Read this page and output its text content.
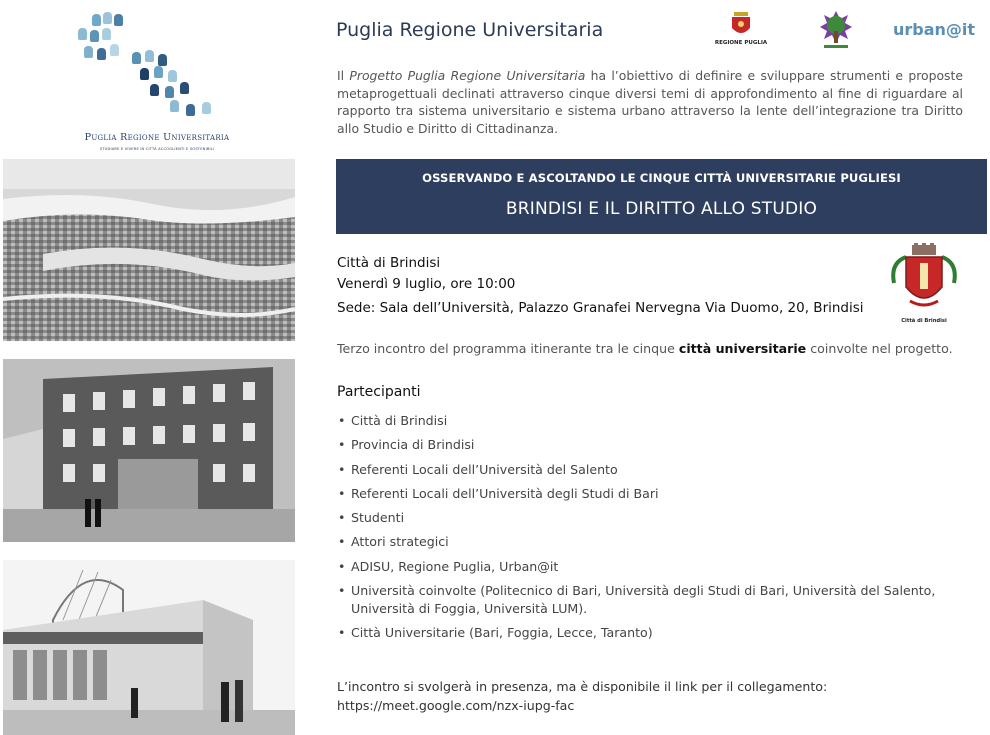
Puglia Regione Universitaria
STUDIARE E VIVERE IN CITTÀ ACCOGLIENTI E SOSTENIBILI
Puglia Regione Universitaria
REGIONE PUGLIA
urban@it
Il Progetto Puglia Regione Universitaria ha l’obiettivo di definire e sviluppare strumenti e proposte metaprogettuali declinati attraverso cinque diversi temi di approfondimento al fine di riguardare al rapporto tra sistema universitario e sistema urbano attraverso la lente dell’integrazione tra Diritto allo Studio e Diritto di Cittadinanza.
OSSERVANDO E ASCOLTANDO LE CINQUE CITTÀ UNIVERSITARIE PUGLIESI
BRINDISI E IL DIRITTO ALLO STUDIO
Città di Brindisi
Venerdì 9 luglio, ore 10:00
Sede: Sala dell’Università, Palazzo Granafei Nervegna Via Duomo, 20, Brindisi
Città di Brindisi
Terzo incontro del programma itinerante tra le cinque città universitarie coinvolte nel progetto.
Partecipanti
• Città di Brindisi
• Provincia di Brindisi
• Referenti Locali dell’Università del Salento
• Referenti Locali dell’Università degli Studi di Bari
• Studenti
• Attori strategici
• ADISU, Regione Puglia, Urban@it
• Università coinvolte (Politecnico di Bari, Università degli Studi di Bari, Università del Salento, Università di Foggia, Università LUM).
• Città Universitarie (Bari, Foggia, Lecce, Taranto)
L’incontro si svolgerà in presenza, ma è disponibile il link per il collegamento:
https://meet.google.com/nzx-iupg-fac
